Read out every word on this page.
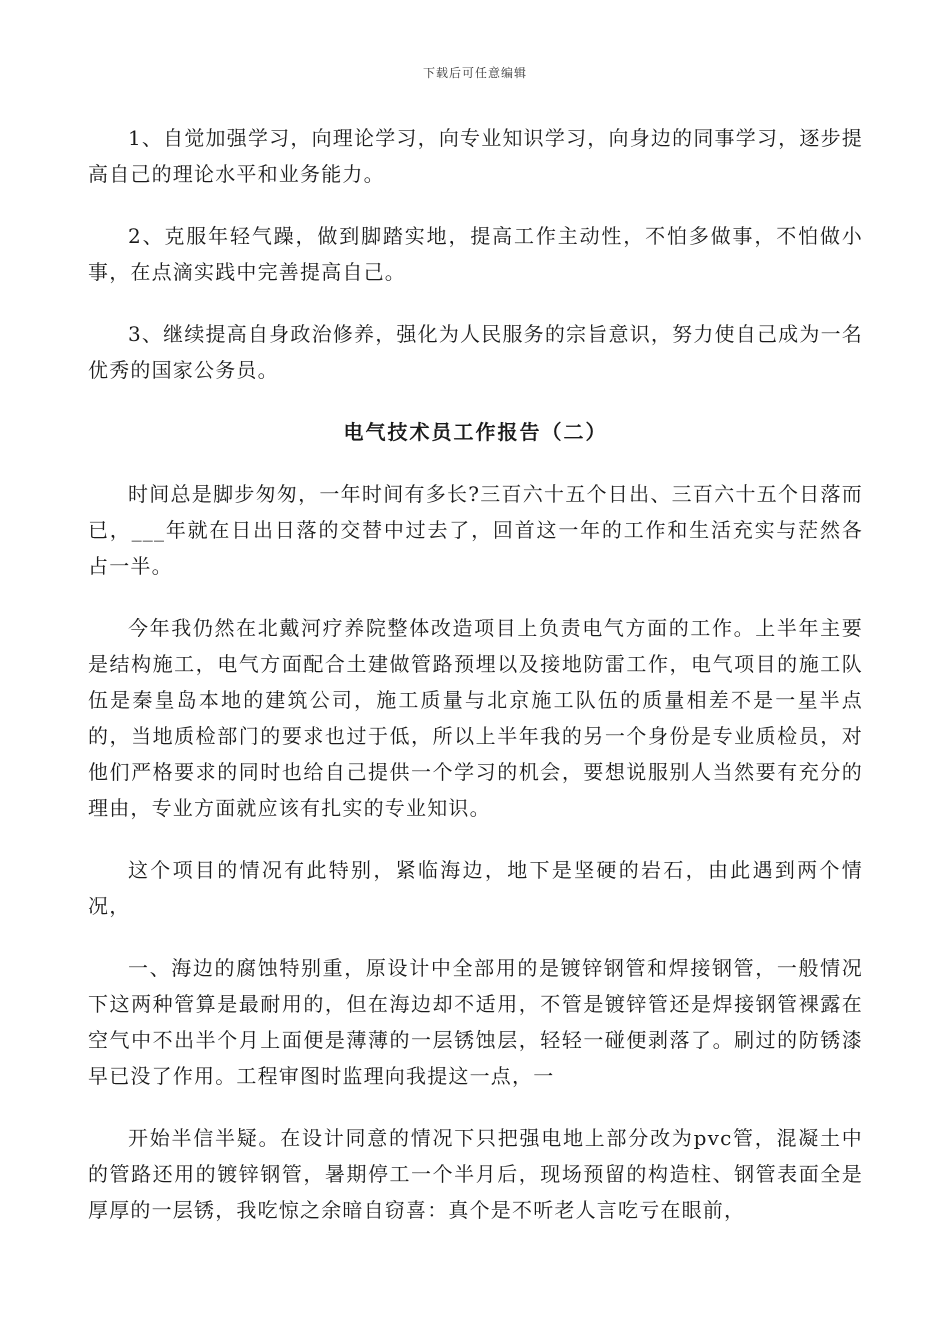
下载后可任意编辑

1、自觉加强学习，向理论学习，向专业知识学习，向身边的同事学习，逐步提高自己的理论水平和业务能力。

2、克服年轻气躁，做到脚踏实地，提高工作主动性，不怕多做事，不怕做小事，在点滴实践中完善提高自己。

3、继续提高自身政治修养，强化为人民服务的宗旨意识，努力使自己成为一名优秀的国家公务员。

电气技术员工作报告（二）

时间总是脚步匆匆，一年时间有多长?三百六十五个日出、三百六十五个日落而已，___年就在日出日落的交替中过去了，回首这一年的工作和生活充实与茫然各占一半。

今年我仍然在北戴河疗养院整体改造项目上负责电气方面的工作。上半年主要是结构施工，电气方面配合土建做管路预埋以及接地防雷工作，电气项目的施工队伍是秦皇岛本地的建筑公司，施工质量与北京施工队伍的质量相差不是一星半点的，当地质检部门的要求也过于低，所以上半年我的另一个身份是专业质检员，对他们严格要求的同时也给自己提供一个学习的机会，要想说服别人当然要有充分的理由，专业方面就应该有扎实的专业知识。

这个项目的情况有此特别，紧临海边，地下是坚硬的岩石，由此遇到两个情况，

一、海边的腐蚀特别重，原设计中全部用的是镀锌钢管和焊接钢管，一般情况下这两种管算是最耐用的，但在海边却不适用，不管是镀锌管还是焊接钢管裸露在空气中不出半个月上面便是薄薄的一层锈蚀层，轻轻一碰便剥落了。刷过的防锈漆早已没了作用。工程审图时监理向我提这一点，一

开始半信半疑。在设计同意的情况下只把强电地上部分改为pvc管，混凝土中的管路还用的镀锌钢管，暑期停工一个半月后，现场预留的构造柱、钢管表面全是厚厚的一层锈，我吃惊之余暗自窃喜：真个是不听老人言吃亏在眼前，
